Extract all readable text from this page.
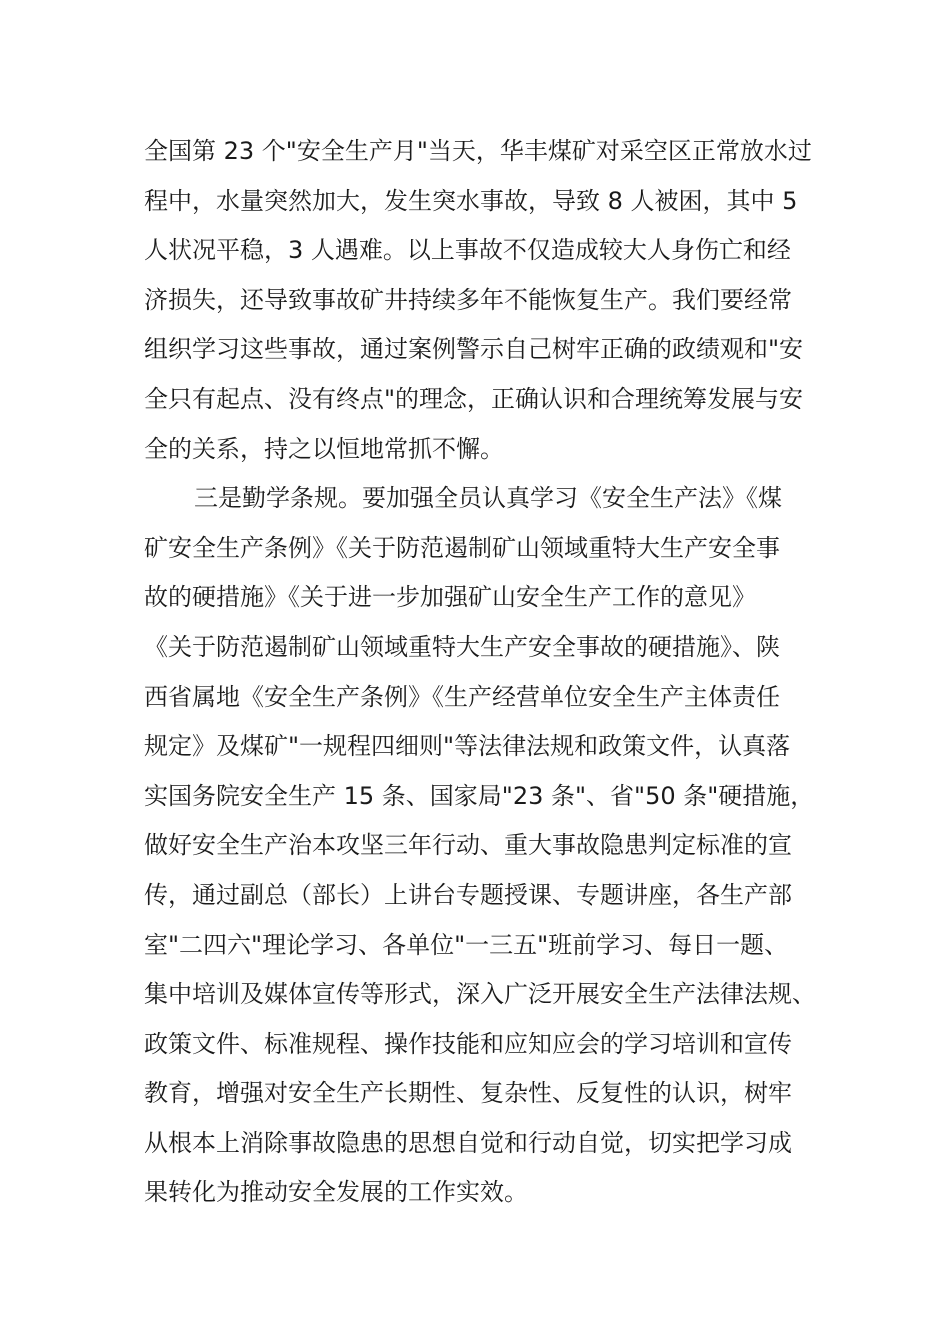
全国第 23 个"安全生产月"当天，华丰煤矿对采空区正常放水过
程中，水量突然加大，发生突水事故，导致 8 人被困，其中 5
人状况平稳，3 人遇难。以上事故不仅造成较大人身伤亡和经
济损失，还导致事故矿井持续多年不能恢复生产。我们要经常
组织学习这些事故，通过案例警示自己树牢正确的政绩观和"安
全只有起点、没有终点"的理念，正确认识和合理统筹发展与安
全的关系，持之以恒地常抓不懈。
三是勤学条规。要加强全员认真学习《安全生产法》《煤
矿安全生产条例》《关于防范遏制矿山领域重特大生产安全事
故的硬措施》《关于进一步加强矿山安全生产工作的意见》
《关于防范遏制矿山领域重特大生产安全事故的硬措施》、陕
西省属地《安全生产条例》《生产经营单位安全生产主体责任
规定》及煤矿"一规程四细则"等法律法规和政策文件，认真落
实国务院安全生产 15 条、国家局"23 条"、省"50 条"硬措施，
做好安全生产治本攻坚三年行动、重大事故隐患判定标准的宣
传，通过副总（部长）上讲台专题授课、专题讲座，各生产部
室"二四六"理论学习、各单位"一三五"班前学习、每日一题、
集中培训及媒体宣传等形式，深入广泛开展安全生产法律法规、
政策文件、标准规程、操作技能和应知应会的学习培训和宣传
教育，增强对安全生产长期性、复杂性、反复性的认识，树牢
从根本上消除事故隐患的思想自觉和行动自觉，切实把学习成
果转化为推动安全发展的工作实效。
